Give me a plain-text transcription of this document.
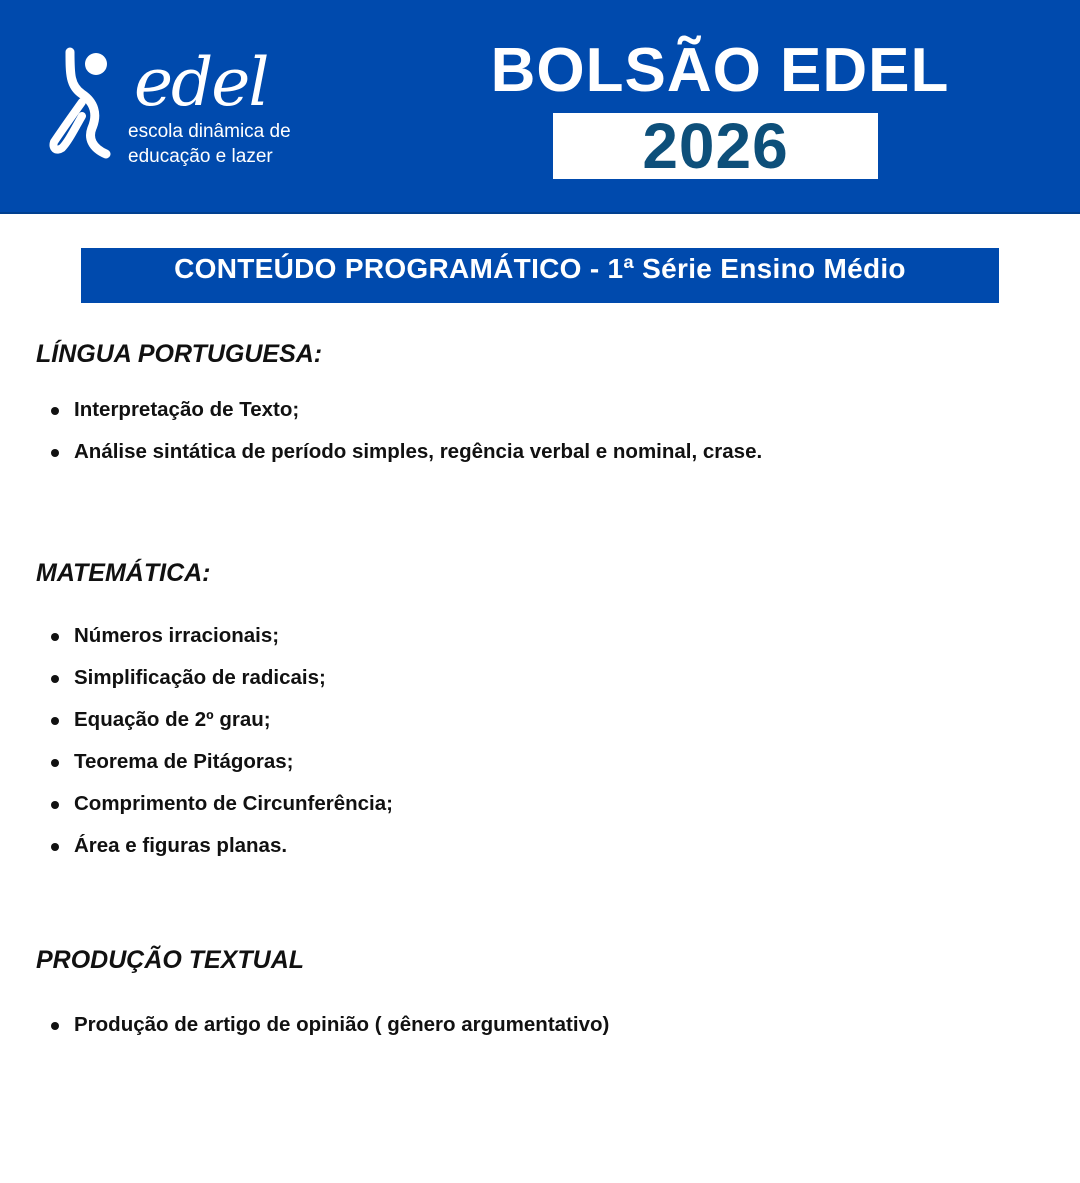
edel
escola dinâmica de
educação e lazer
BOLSÃO EDEL
2026
CONTEÚDO PROGRAMÁTICO - 1ª Série Ensino Médio
LÍNGUA PORTUGUESA:
Interpretação de Texto;
Análise sintática de período simples, regência verbal e nominal, crase.
MATEMÁTICA:
Números irracionais;
Simplificação de radicais;
Equação de 2º grau;
Teorema de Pitágoras;
Comprimento de Circunferência;
Área e figuras planas.
PRODUÇÃO TEXTUAL
Produção de artigo de opinião ( gênero argumentativo)
